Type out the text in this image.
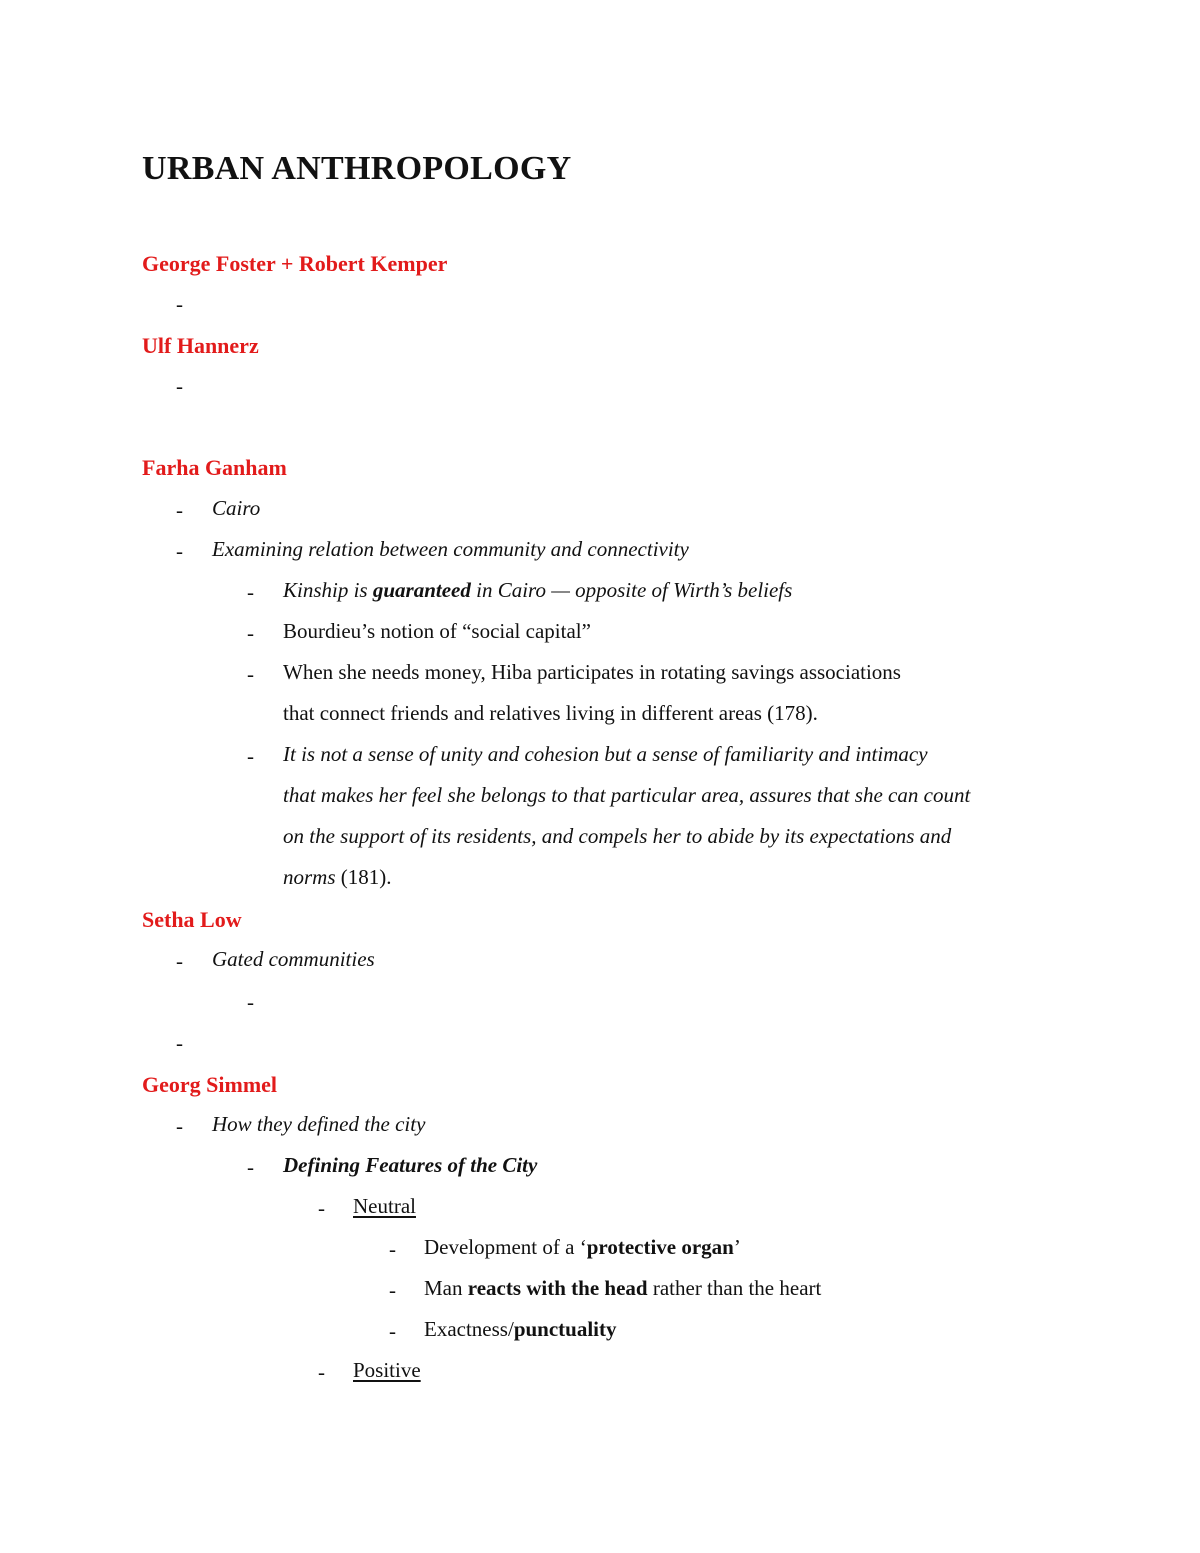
URBAN ANTHROPOLOGY
George Foster + Robert Kemper
-
Ulf Hannerz
-
Farha Ganham
- Cairo
- Examining relation between community and connectivity
- Kinship is guaranteed in Cairo — opposite of Wirth’s beliefs
- Bourdieu’s notion of “social capital”
- When she needs money, Hiba participates in rotating savings associations
that connect friends and relatives living in different areas (178).
- It is not a sense of unity and cohesion but a sense of familiarity and intimacy
that makes her feel she belongs to that particular area, assures that she can count
on the support of its residents, and compels her to abide by its expectations and
norms (181).
Setha Low
- Gated communities
-
-
Georg Simmel
- How they defined the city
- Defining Features of the City
- Neutral
- Development of a ‘protective organ’
- Man reacts with the head rather than the heart
- Exactness/punctuality
- Positive
